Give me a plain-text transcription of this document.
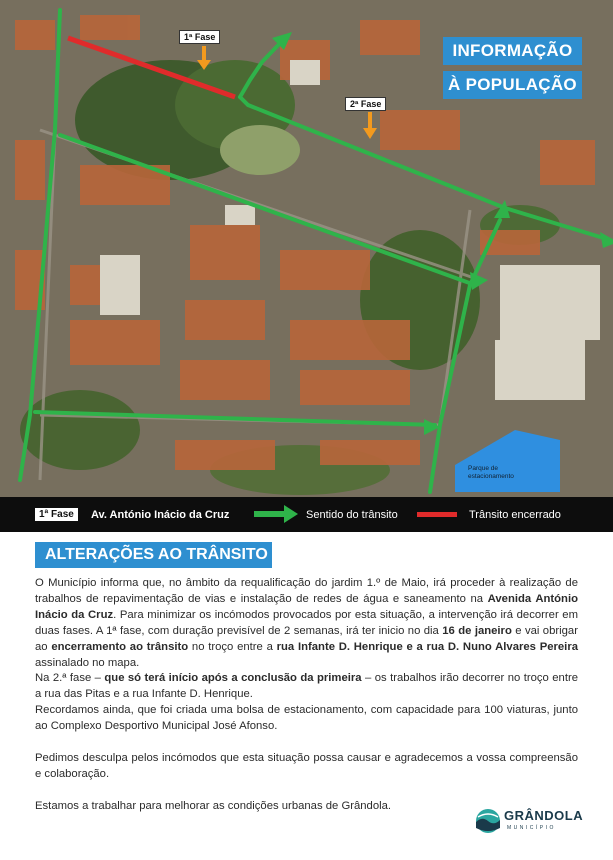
1ª Fase
2ª Fase
INFORMAÇÃO
À POPULAÇÃO
Parque de estacionamento
1ª Fase	Av. António Inácio da Cruz	Sentido do trânsito	Trânsito encerrado
ALTERAÇÕES AO TRÂNSITO

O Município informa que, no âmbito da requalificação do jardim 1.º de Maio, irá proceder à realização de trabalhos de repavimentação de vias e instalação de redes de água e saneamento na Avenida António Inácio da Cruz. Para minimizar os incómodos provocados por esta situação, a intervenção irá decorrer em duas fases. A 1ª fase, com duração previsível de 2 semanas, irá ter inicio no dia 16 de janeiro e vai obrigar ao encerramento ao trânsito no troço entre a rua Infante D. Henrique e a rua D. Nuno Alvares Pereira assinalado no mapa.

Na 2.ª fase – que só terá início após a conclusão da primeira – os trabalhos irão decorrer no troço entre a rua das Pitas e a rua Infante D. Henrique.

Recordamos ainda, que foi criada uma bolsa de estacionamento, com capacidade para 100 viaturas, junto ao Complexo Desportivo Municipal José Afonso.

Pedimos desculpa pelos incómodos que esta situação possa causar e agradecemos a vossa compreensão e colaboração.

Estamos a trabalhar para melhorar as condições urbanas de Grândola.

GRÂNDOLA
MUNICÍPIO
